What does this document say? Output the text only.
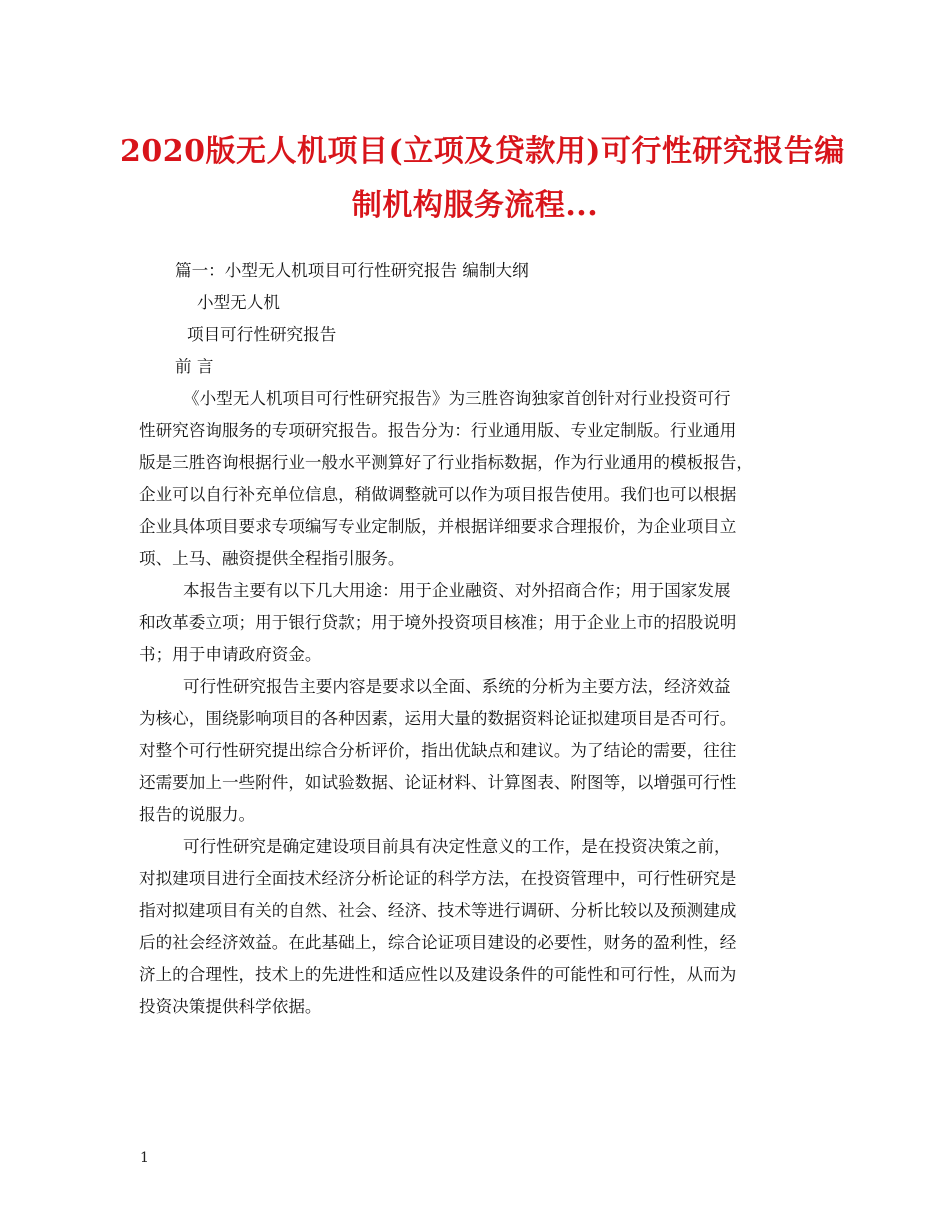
2020版无人机项目(立项及贷款用)可行性研究报告编
制机构服务流程...
篇一：小型无人机项目可行性研究报告 编制大纲
小型无人机
项目可行性研究报告
前 言
《小型无人机项目可行性研究报告》为三胜咨询独家首创针对行业投资可行
性研究咨询服务的专项研究报告。报告分为：行业通用版、专业定制版。行业通用
版是三胜咨询根据行业一般水平测算好了行业指标数据，作为行业通用的模板报告，
企业可以自行补充单位信息，稍做调整就可以作为项目报告使用。我们也可以根据
企业具体项目要求专项编写专业定制版，并根据详细要求合理报价，为企业项目立
项、上马、融资提供全程指引服务。
本报告主要有以下几大用途：用于企业融资、对外招商合作；用于国家发展
和改革委立项；用于银行贷款；用于境外投资项目核准；用于企业上市的招股说明
书；用于申请政府资金。
可行性研究报告主要内容是要求以全面、系统的分析为主要方法，经济效益
为核心，围绕影响项目的各种因素，运用大量的数据资料论证拟建项目是否可行。
对整个可行性研究提出综合分析评价，指出优缺点和建议。为了结论的需要，往往
还需要加上一些附件，如试验数据、论证材料、计算图表、附图等，以增强可行性
报告的说服力。
可行性研究是确定建设项目前具有决定性意义的工作，是在投资决策之前，
对拟建项目进行全面技术经济分析论证的科学方法，在投资管理中，可行性研究是
指对拟建项目有关的自然、社会、经济、技术等进行调研、分析比较以及预测建成
后的社会经济效益。在此基础上，综合论证项目建设的必要性，财务的盈利性，经
济上的合理性，技术上的先进性和适应性以及建设条件的可能性和可行性，从而为
投资决策提供科学依据。
1
